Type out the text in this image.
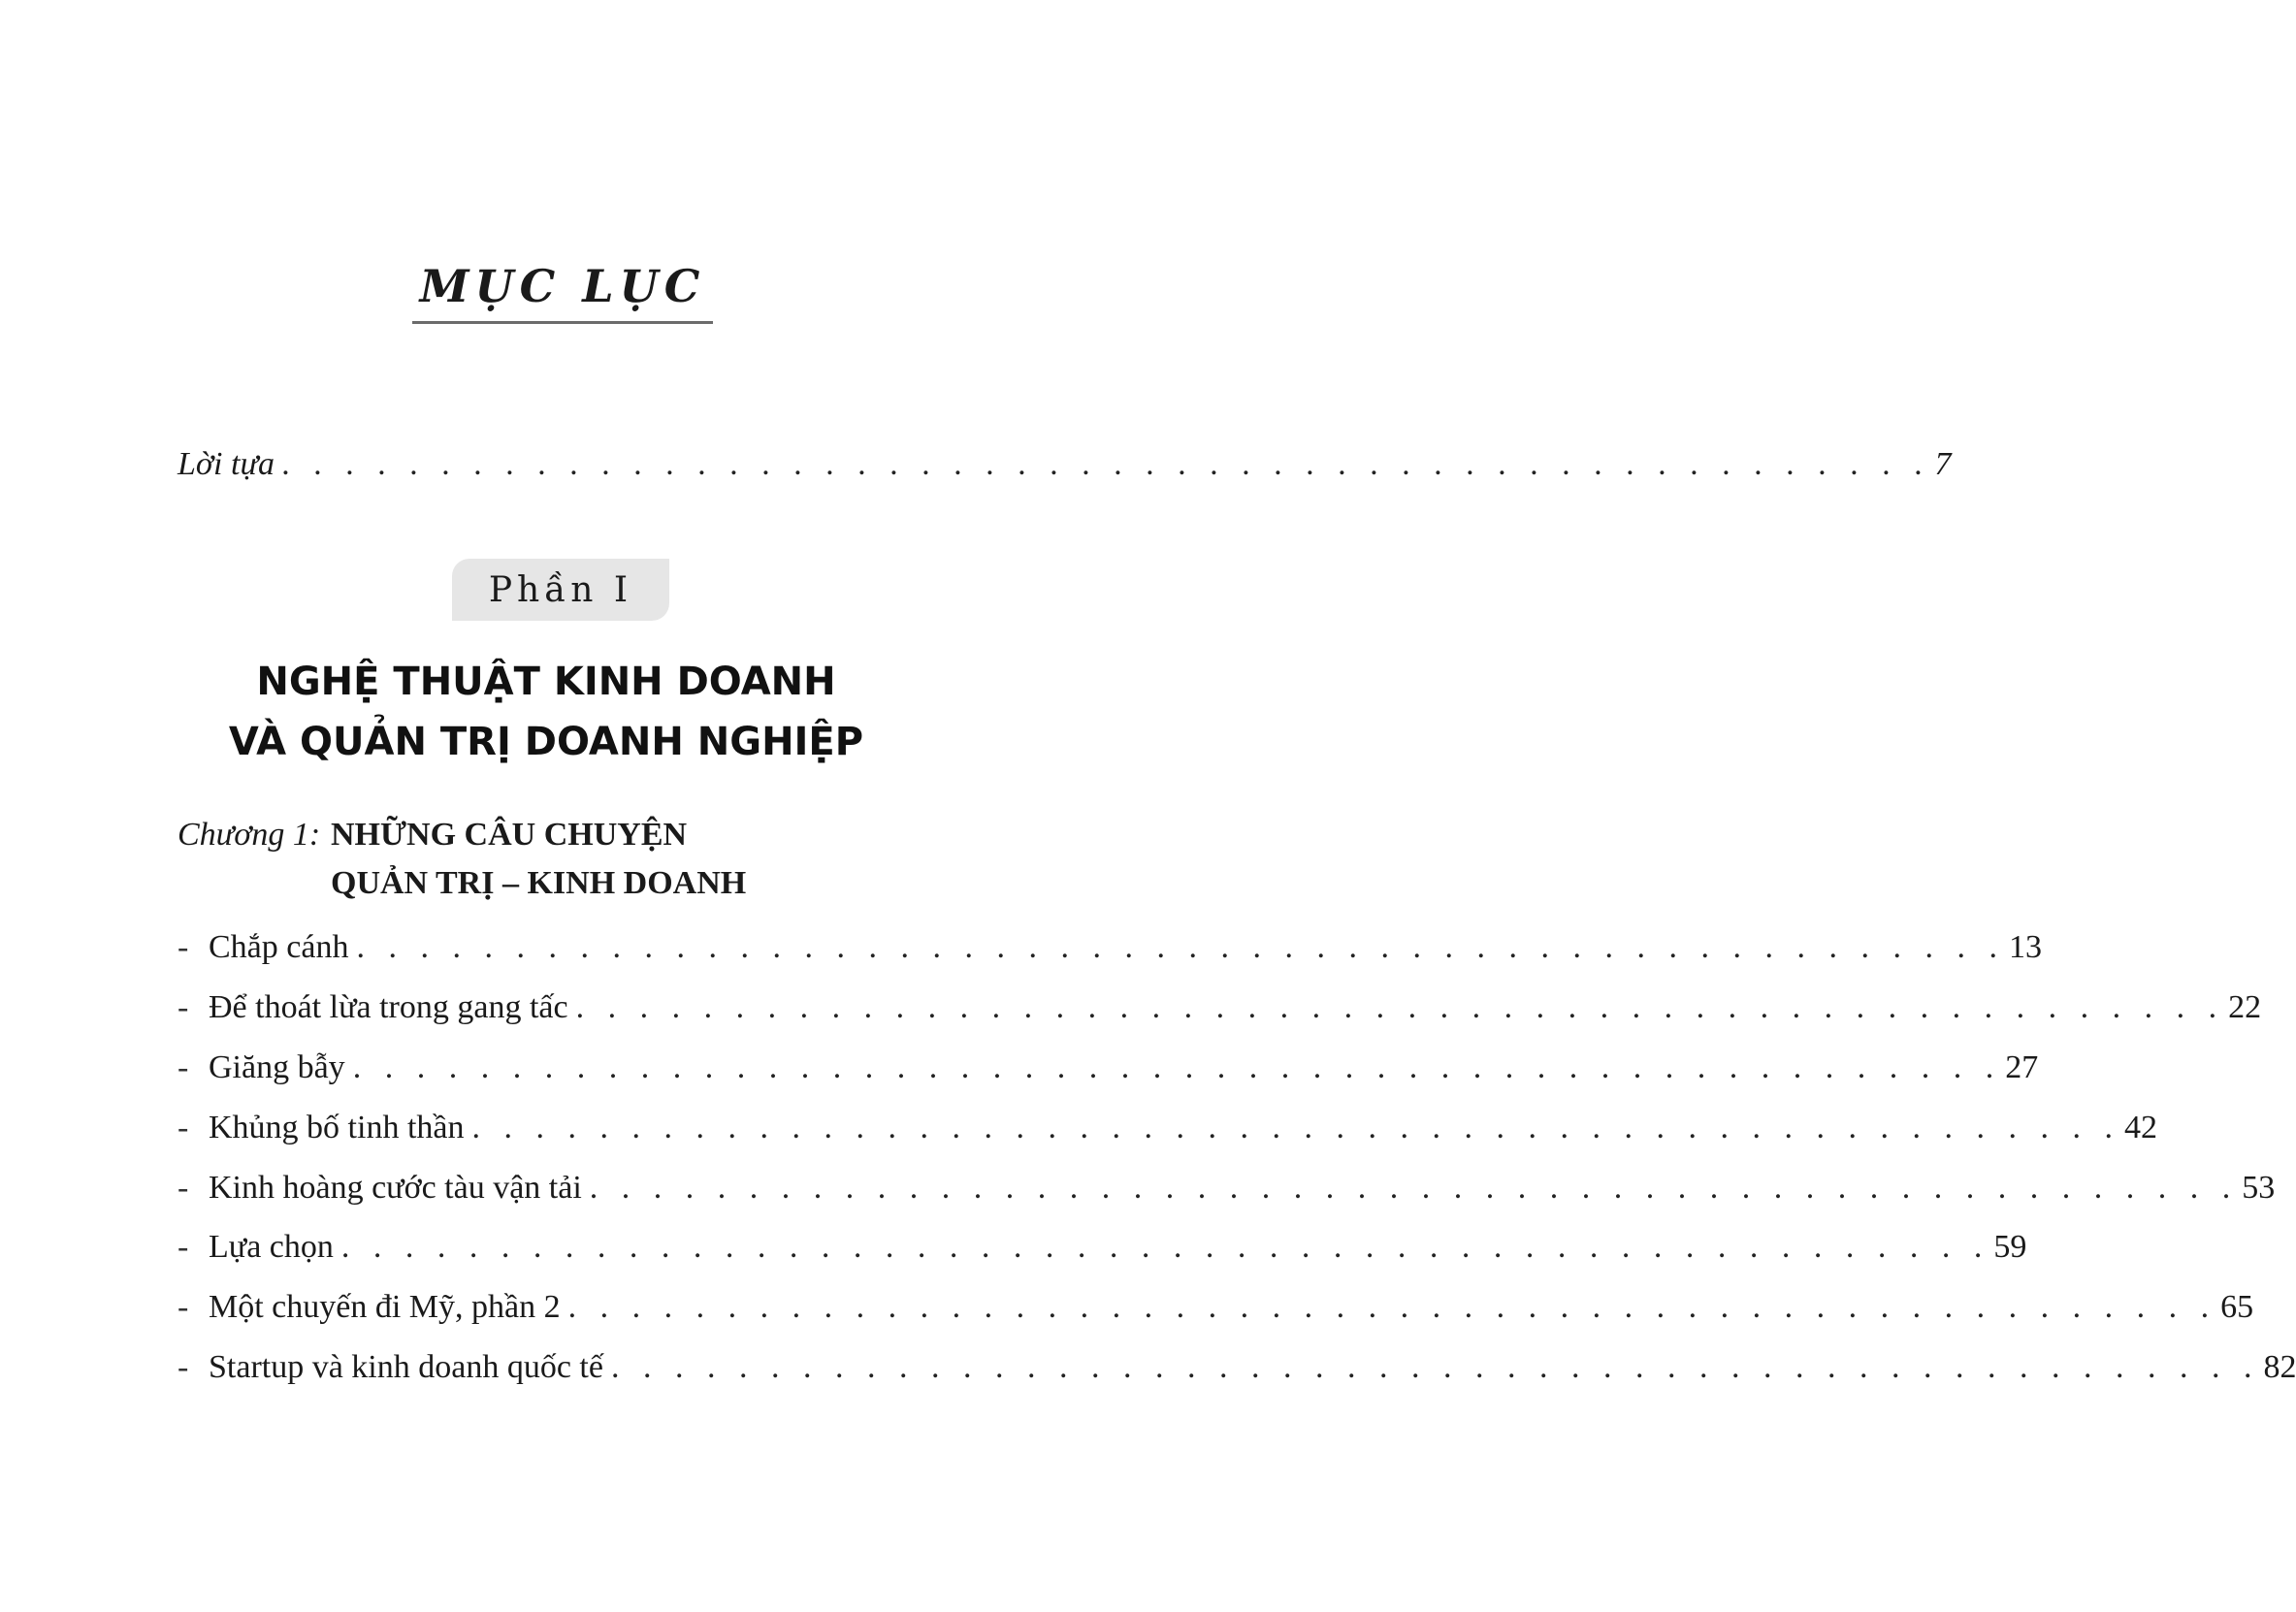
MỤC LỤC
Lời tựa . . . . . . . . . . . . . . . . . . . . . . . . . . . . . . . . . . . . . . . . . . . . . . . . . . . . 7
Phần I
NGHỆ THUẬT KINH DOANH
VÀ QUẢN TRỊ DOANH NGHIỆP
Chương 1: NHỮNG CÂU CHUYỆN
QUẢN TRỊ – KINH DOANH
- Chắp cánh . . . . . . . . . . . . . . . . . . . . . . . . . . . . . . . . . . . . . . . . . . . . . . . . . . . . 13
- Để thoát lừa trong gang tấc . . . . . . . . . . . . . . . . . . . . . . . . . . . . . . . . . . . . . . . . . . . . . . . . . . . . 22
- Giăng bẫy . . . . . . . . . . . . . . . . . . . . . . . . . . . . . . . . . . . . . . . . . . . . . . . . . . . . 27
- Khủng bố tinh thần . . . . . . . . . . . . . . . . . . . . . . . . . . . . . . . . . . . . . . . . . . . . . . . . . . . . 42
- Kinh hoàng cước tàu vận tải . . . . . . . . . . . . . . . . . . . . . . . . . . . . . . . . . . . . . . . . . . . . . . . . . . . . 53
- Lựa chọn . . . . . . . . . . . . . . . . . . . . . . . . . . . . . . . . . . . . . . . . . . . . . . . . . . . . 59
- Một chuyến đi Mỹ, phần 2 . . . . . . . . . . . . . . . . . . . . . . . . . . . . . . . . . . . . . . . . . . . . . . . . . . . . 65
- Startup và kinh doanh quốc tế . . . . . . . . . . . . . . . . . . . . . . . . . . . . . . . . . . . . . . . . . . . . . . . . . . . . 82
